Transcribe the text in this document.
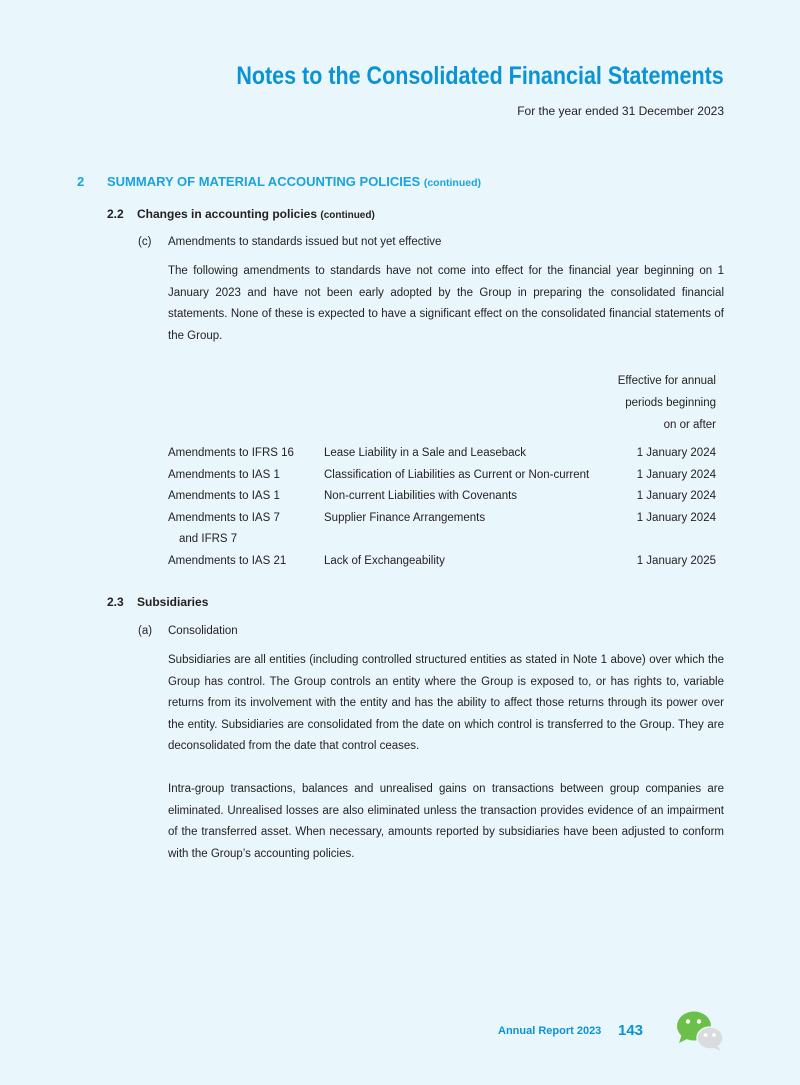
Notes to the Consolidated Financial Statements
For the year ended 31 December 2023
2 SUMMARY OF MATERIAL ACCOUNTING POLICIES (continued)
2.2 Changes in accounting policies (continued)
(c) Amendments to standards issued but not yet effective

The following amendments to standards have not come into effect for the financial year beginning on 1 January 2023 and have not been early adopted by the Group in preparing the consolidated financial statements. None of these is expected to have a significant effect on the consolidated financial statements of the Group.

Effective for annual
periods beginning
on or after
Amendments to IFRS 16	Lease Liability in a Sale and Leaseback	1 January 2024
Amendments to IAS 1	Classification of Liabilities as Current or Non-current	1 January 2024
Amendments to IAS 1	Non-current Liabilities with Covenants	1 January 2024
Amendments to IAS 7
and IFRS 7
Supplier Finance Arrangements	1 January 2024
Amendments to IAS 21	Lack of Exchangeability	1 January 2025
2.3 Subsidiaries
(a) Consolidation

Subsidiaries are all entities (including controlled structured entities as stated in Note 1 above) over which the Group has control. The Group controls an entity where the Group is exposed to, or has rights to, variable returns from its involvement with the entity and has the ability to affect those returns through its power over the entity. Subsidiaries are consolidated from the date on which control is transferred to the Group. They are deconsolidated from the date that control ceases.

Intra-group transactions, balances and unrealised gains on transactions between group companies are eliminated. Unrealised losses are also eliminated unless the transaction provides evidence of an impairment of the transferred asset. When necessary, amounts reported by subsidiaries have been adjusted to conform with the Group’s accounting policies.

Annual Report 2023 143
